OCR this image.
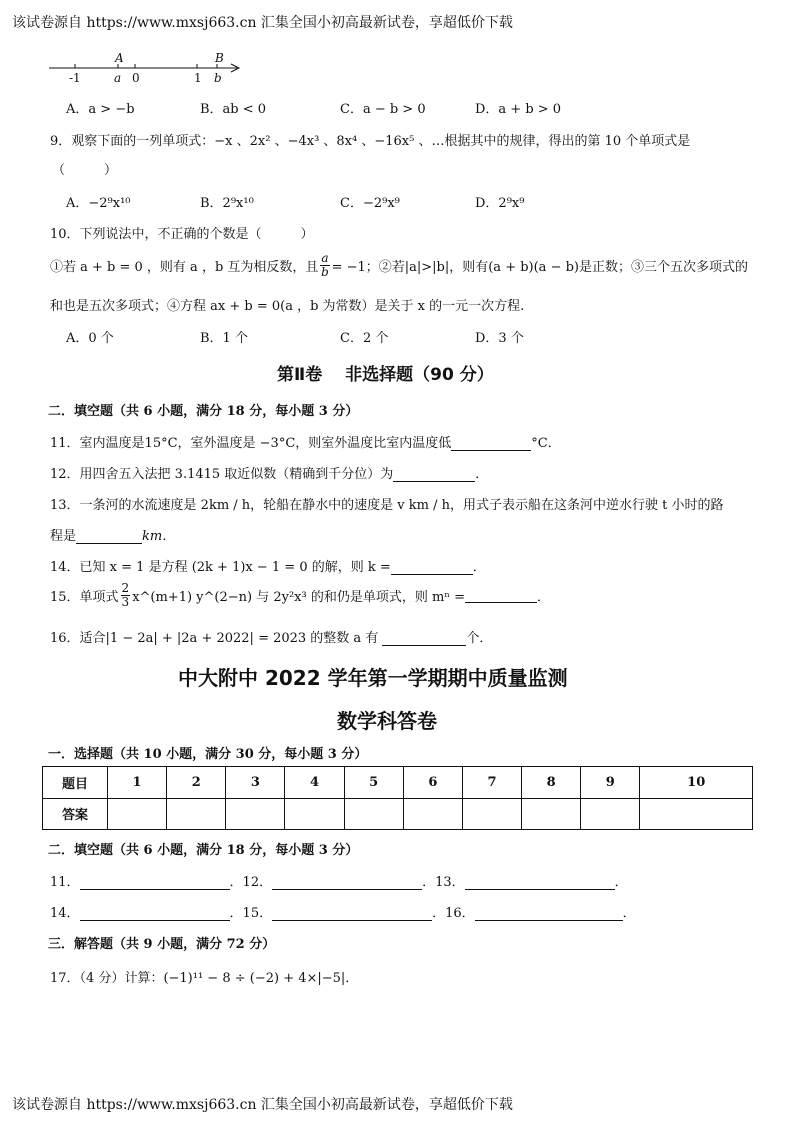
该试卷源自 https://www.mxsj663.cn 汇集全国小初高最新试卷，享超低价下载
-1	a 0	1 b
A	B
A．a > −b	B．ab < 0	C．a − b > 0	D．a + b > 0
9．观察下面的一列单项式：−x 、2x² 、−4x³ 、8x⁴ 、−16x⁵ 、…根据其中的规律，得出的第 10 个单项式是
（　　　）
A．−2⁹x¹⁰	B．2⁹x¹⁰	C．−2⁹x⁹	D．2⁹x⁹
10．下列说法中，不正确的个数是（　　　）
①若 a + b = 0 ，则有 a ，b 互为相反数，且 $\frac{a}{b} = -1$；②若|a|>|b|，则有(a + b)(a − b)是正数；③三个五次多项式的
和也是五次多项式；④方程 ax + b = 0(a ，b 为常数）是关于 x 的一元一次方程.
A．0 个	B．1 个	C．2 个	D．3 个
第Ⅱ卷　 非选择题（90 分）
二．填空题（共 6 小题，满分 18 分，每小题 3 分）
11．室内温度是15°C，室外温度是 −3°C，则室外温度比室内温度低	°C．
12．用四舍五入法把 3.1415 取近似数（精确到千分位）为	．
13．一条河的水流速度是 2km / h，轮船在静水中的速度是 v km / h，用式子表示船在这条河中逆水行驶 t 小时的路
程是	km．
14．已知 x = 1 是方程 (2k + 1)x − 1 = 0 的解，则 k =	．
15．单项式 $\frac{2}{3}$ x^(m+1) y^(2−n) 与 2y²x³ 的和仍是单项式，则 mⁿ =	．
16．适合|1 − 2a| + |2a + 2022| = 2023 的整数 a 有	个．
中大附中 2022 学年第一学期期中质量监测
数学科答卷
一．选择题（共 10 小题，满分 30 分，每小题 3 分）
题目	1	2	3	4	5	6	7	8	9	10
答案										
二．填空题（共 6 小题，满分 18 分，每小题 3 分）
11．	．12．	．13．	．
14．	．15．	．16．	．
三．解答题（共 9 小题，满分 72 分）
17．（4 分）计算：(−1)¹¹ − 8 ÷ (−2) + 4×|−5|．
该试卷源自 https://www.mxsj663.cn 汇集全国小初高最新试卷，享超低价下载
